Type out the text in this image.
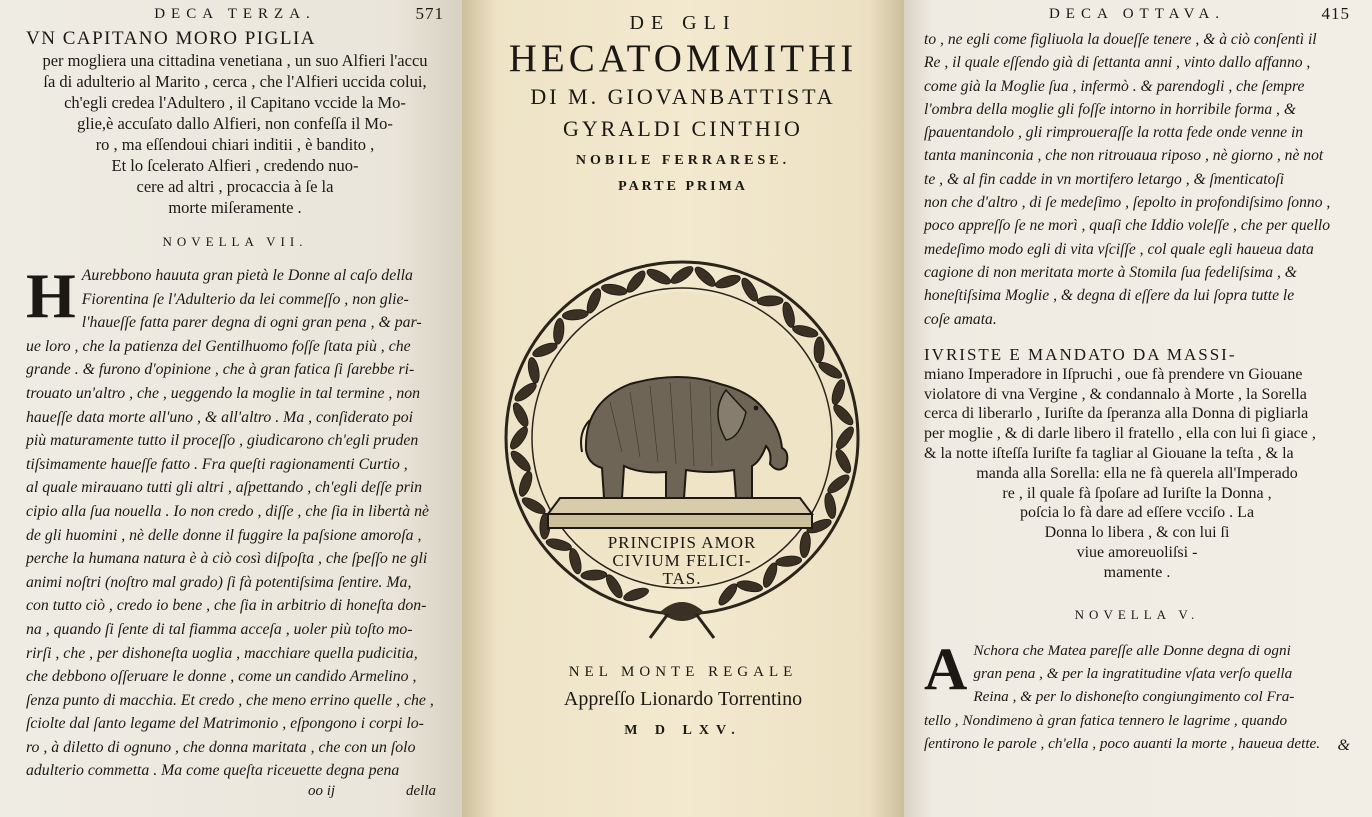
DECA TERZA.	571
VN CAPITANO MORO PIGLIA
per mogliera una cittadina venetiana , un suo Alfieri l'accu
ſa di adulterio al Marito , cerca , che l'Alfieri uccida colui,
ch'egli credea l'Adultero , il Capitano vccide la Mo-
glie,è accuſato dallo Alfieri, non confeſſa il Mo-
ro , ma eſſendoui chiari inditii , è bandito ,
Et lo ſcelerato Alfieri , credendo nuo-
cere ad altri , procaccia à ſe la
morte miſeramente .
NOVELLA VII.
H Aurebbono hauuta gran pietà le Donne al caſo della
Fiorentina ſe l'Adulterio da lei commeſſo , non glie-
l'haueſſe fatta parer degna di ogni gran pena , & par-
ue loro , che la patienza del Gentilhuomo foſſe ſtata più , che
grande . & furono d'opinione , che à gran fatica ſi ſarebbe ri-
trouato un'altro , che , ueggendo la moglie in tal termine , non
haueſſe data morte all'uno , & all'altro . Ma , conſiderato poi
più maturamente tutto il proceſſo , giudicarono ch'egli pruden
tiſsimamente haueſſe fatto . Fra queſti ragionamenti Curtio ,
al quale mirauano tutti gli altri , aſpettando , ch'egli deſſe prin
cipio alla ſua nouella . Io non credo , diſſe , che ſia in libertà nè
de gli huomini , nè delle donne il fuggire la paſsione amoroſa ,
perche la humana natura è à ciò così diſpoſta , che ſpeſſo ne gli
animi noſtri (noſtro mal grado) ſi fà potentiſsima ſentire. Ma,
con tutto ciò , credo io bene , che ſia in arbitrio di honeſta don-
na , quando ſi ſente di tal fiamma acceſa , uoler più toſto mo-
rirſi , che , per dishoneſta uoglia , macchiare quella pudicitia,
che debbono oſſeruare le donne , come un candido Armelino ,
ſenza punto di macchia. Et credo , che meno errino quelle , che ,
ſciolte dal ſanto legame del Matrimonio , eſpongono i corpi lo-
ro , à diletto di ognuno , che donna maritata , che con un ſolo
adulterio commetta . Ma come queſta riceuette degna pena
oo ij	della
DE GLI
HECATOMMITHI
DI M. GIOVANBATTISTA
GYRALDI CINTHIO
NOBILE FERRARESE.
PARTE PRIMA
PRINCIPIS AMOR
CIVIUM FELICI-
TAS.
NEL MONTE REGALE
Appreſſo Lionardo Torrentino
M D LXV.
DECA OTTAVA.	415
to , ne egli come figliuola la doueſſe tenere , & à ciò conſentì il
Re , il quale eſſendo già di ſettanta anni , vinto dallo affanno ,
come già la Moglie ſua , infermò . & parendogli , che ſempre
l'ombra della moglie gli foſſe intorno in horribile forma , &
ſpauentandolo , gli rimproueraſſe la rotta fede onde venne in
tanta maninconia , che non ritrouaua riposo , nè giorno , nè not
te , & al fin cadde in vn mortifero letargo , & ſmenticatoſi
non che d'altro , di ſe medeſimo , ſepolto in profondiſsimo ſonno ,
poco appreſſo ſe ne morì , quaſi che Iddio voleſſe , che per quello
medeſimo modo egli di vita vſciſſe , col quale egli haueua data
cagione di non meritata morte à Stomila ſua fedeliſsima , &
honeſtiſsima Moglie , & degna di eſſere da lui ſopra tutte le
coſe amata.
IVRISTE E MANDATO DA MASSI-
miano Imperadore in Iſpruchi , oue fà prendere vn Giouane
violatore di vna Vergine , & condannalo à Morte , la Sorella
cerca di liberarlo , Iuriſte da ſperanza alla Donna di pigliarla
per moglie , & di darle libero il fratello , ella con lui ſi giace ,
& la notte iſteſſa Iuriſte fa tagliar al Giouane la teſta , & la
manda alla Sorella: ella ne fà querela all'Imperado
re , il quale fà ſpoſare ad Iuriſte la Donna ,
poſcia lo fà dare ad eſſere vcciſo . La
Donna lo libera , & con lui ſi
viue amoreuoliſsi -
mamente .
NOVELLA V.
A Nchora che Matea pareſſe alle Donne degna di ogni
gran pena , & per la ingratitudine vſata verſo quella
Reina , & per lo dishoneſto congiungimento col Fra-
tello , Nondimeno à gran fatica tennero le lagrime , quando
ſentirono le parole , ch'ella , poco auanti la morte , haueua dette.	&
